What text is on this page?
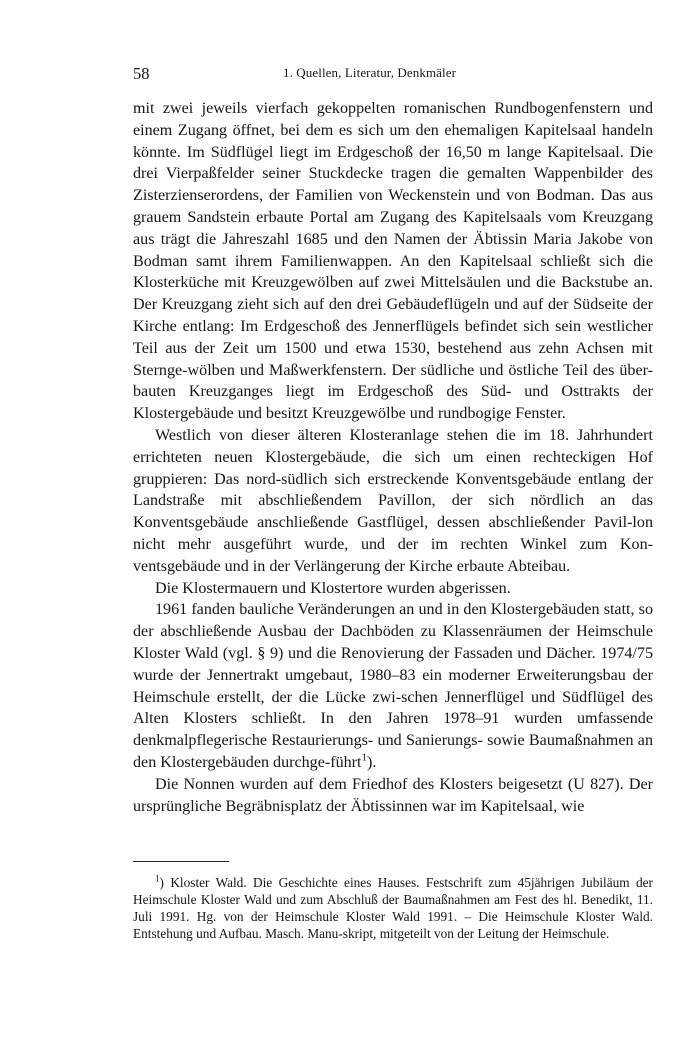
58	1. Quellen, Literatur, Denkmäler

mit zwei jeweils vierfach gekoppelten romanischen Rundbogenfenstern und einem Zugang öffnet, bei dem es sich um den ehemaligen Kapitelsaal handeln könnte. Im Südflügel liegt im Erdgeschoß der 16,50 m lange Kapitelsaal. Die drei Vierpaßfelder seiner Stuckdecke tragen die gemalten Wappenbilder des Zisterzienserordens, der Familien von Weckenstein und von Bodman. Das aus grauem Sandstein erbaute Portal am Zugang des Kapitelsaals vom Kreuzgang aus trägt die Jahreszahl 1685 und den Namen der Äbtissin Maria Jakobe von Bodman samt ihrem Familienwappen. An den Kapitelsaal schließt sich die Klosterküche mit Kreuzgewölben auf zwei Mittelsäulen und die Backstube an. Der Kreuzgang zieht sich auf den drei Gebäudeflügeln und auf der Südseite der Kirche entlang: Im Erdgeschoß des Jennerflügels befindet sich sein westlicher Teil aus der Zeit um 1500 und etwa 1530, bestehend aus zehn Achsen mit Sternge-wölben und Maßwerkfenstern. Der südliche und östliche Teil des über-bauten Kreuzganges liegt im Erdgeschoß des Süd- und Osttrakts der Klostergebäude und besitzt Kreuzgewölbe und rundbogige Fenster.

Westlich von dieser älteren Klosteranlage stehen die im 18. Jahrhundert errichteten neuen Klostergebäude, die sich um einen rechteckigen Hof gruppieren: Das nord-südlich sich erstreckende Konventsgebäude entlang der Landstraße mit abschließendem Pavillon, der sich nördlich an das Konventsgebäude anschließende Gastflügel, dessen abschließender Pavil-lon nicht mehr ausgeführt wurde, und der im rechten Winkel zum Kon-ventsgebäude und in der Verlängerung der Kirche erbaute Abteibau.

Die Klostermauern und Klostertore wurden abgerissen.

1961 fanden bauliche Veränderungen an und in den Klostergebäuden statt, so der abschließende Ausbau der Dachböden zu Klassenräumen der Heimschule Kloster Wald (vgl. § 9) und die Renovierung der Fassaden und Dächer. 1974/75 wurde der Jennertrakt umgebaut, 1980–83 ein moderner Erweiterungsbau der Heimschule erstellt, der die Lücke zwi-schen Jennerflügel und Südflügel des Alten Klosters schließt. In den Jahren 1978–91 wurden umfassende denkmalpflegerische Restaurierungs- und Sanierungs- sowie Baumaßnahmen an den Klostergebäuden durchge-führt$^1$).

Die Nonnen wurden auf dem Friedhof des Klosters beigesetzt (U 827). Der ursprüngliche Begräbnisplatz der Äbtissinnen war im Kapitelsaal, wie

$^1$) Kloster Wald. Die Geschichte eines Hauses. Festschrift zum 45jährigen Jubiläum der Heimschule Kloster Wald und zum Abschluß der Baumaßnahmen am Fest des hl. Benedikt, 11. Juli 1991. Hg. von der Heimschule Kloster Wald 1991. – Die Heimschule Kloster Wald. Entstehung und Aufbau. Masch. Manu-skript, mitgeteilt von der Leitung der Heimschule.
